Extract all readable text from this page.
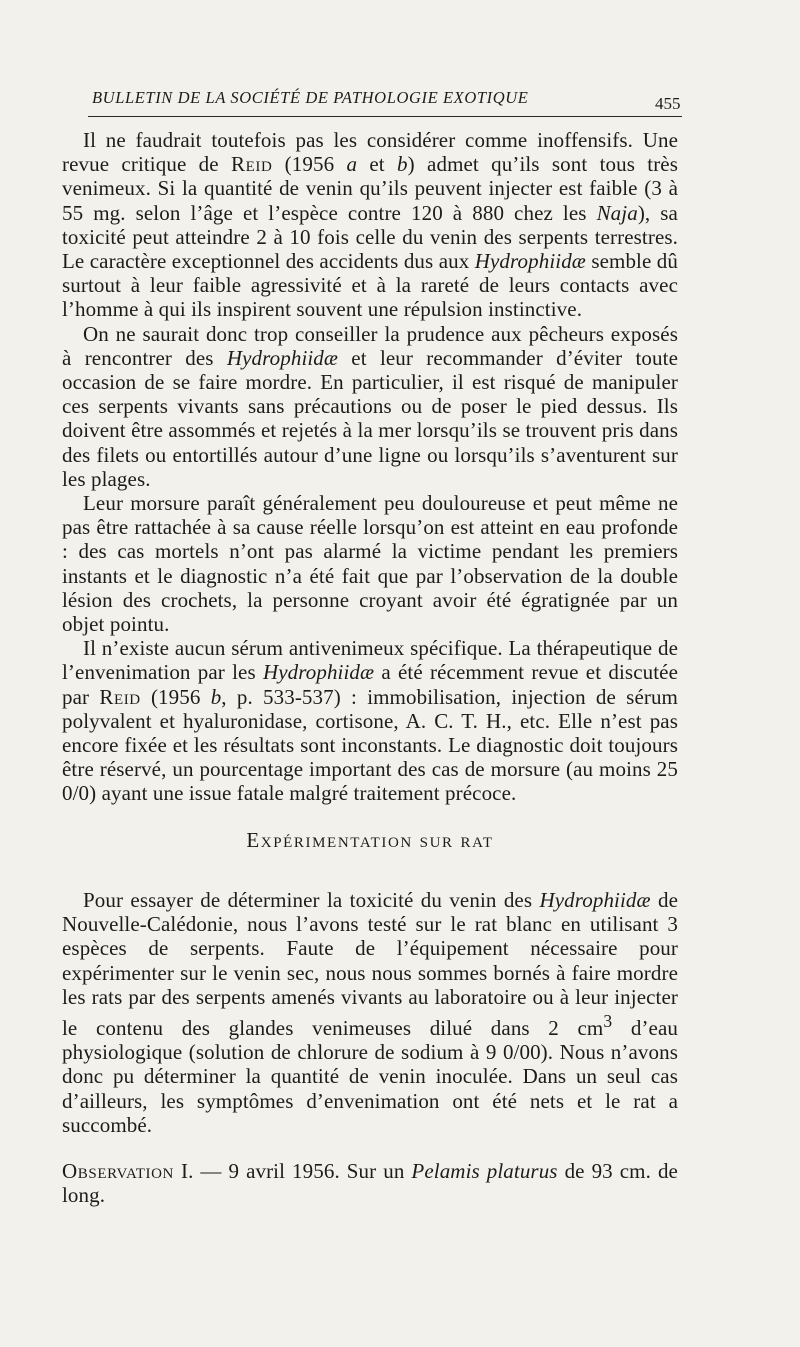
BULLETIN DE LA SOCIÉTÉ DE PATHOLOGIE EXOTIQUE	455

Il ne faudrait toutefois pas les considérer comme inoffensifs. Une revue critique de Reid (1956 a et b) admet qu’ils sont tous très venimeux. Si la quantité de venin qu’ils peuvent injecter est faible (3 à 55 mg. selon l’âge et l’espèce contre 120 à 880 chez les Naja), sa toxicité peut atteindre 2 à 10 fois celle du venin des serpents terrestres. Le caractère exceptionnel des accidents dus aux Hydrophiidæ semble dû surtout à leur faible agressivité et à la rareté de leurs contacts avec l’homme à qui ils inspirent souvent une répulsion instinctive.

On ne saurait donc trop conseiller la prudence aux pêcheurs exposés à rencontrer des Hydrophiidæ et leur recommander d’éviter toute occasion de se faire mordre. En particulier, il est risqué de manipuler ces serpents vivants sans précautions ou de poser le pied dessus. Ils doivent être assommés et rejetés à la mer lorsqu’ils se trouvent pris dans des filets ou entortillés autour d’une ligne ou lorsqu’ils s’aventurent sur les plages.

Leur morsure paraît généralement peu douloureuse et peut même ne pas être rattachée à sa cause réelle lorsqu’on est atteint en eau profonde : des cas mortels n’ont pas alarmé la victime pendant les premiers instants et le diagnostic n’a été fait que par l’observation de la double lésion des crochets, la personne croyant avoir été égratignée par un objet pointu.

Il n’existe aucun sérum antivenimeux spécifique. La thérapeutique de l’envenimation par les Hydrophiidæ a été récemment revue et discutée par Reid (1956 b, p. 533-537) : immobilisation, injection de sérum polyvalent et hyaluronidase, cortisone, A. C. T. H., etc. Elle n’est pas encore fixée et les résultats sont inconstants. Le diagnostic doit toujours être réservé, un pourcentage important des cas de morsure (au moins 25 0/0) ayant une issue fatale malgré traitement précoce.

Expérimentation sur rat

Pour essayer de déterminer la toxicité du venin des Hydrophiidæ de Nouvelle-Calédonie, nous l’avons testé sur le rat blanc en utilisant 3 espèces de serpents. Faute de l’équipement nécessaire pour expérimenter sur le venin sec, nous nous sommes bornés à faire mordre les rats par des serpents amenés vivants au laboratoire ou à leur injecter le contenu des glandes venimeuses dilué dans 2 $cm^3$ d’eau physiologique (solution de chlorure de sodium à 9 0/00). Nous n’avons donc pu déterminer la quantité de venin inoculée. Dans un seul cas d’ailleurs, les symptômes d’envenimation ont été nets et le rat a succombé.

Observation I. — 9 avril 1956. Sur un Pelamis platurus de 93 cm. de long.
